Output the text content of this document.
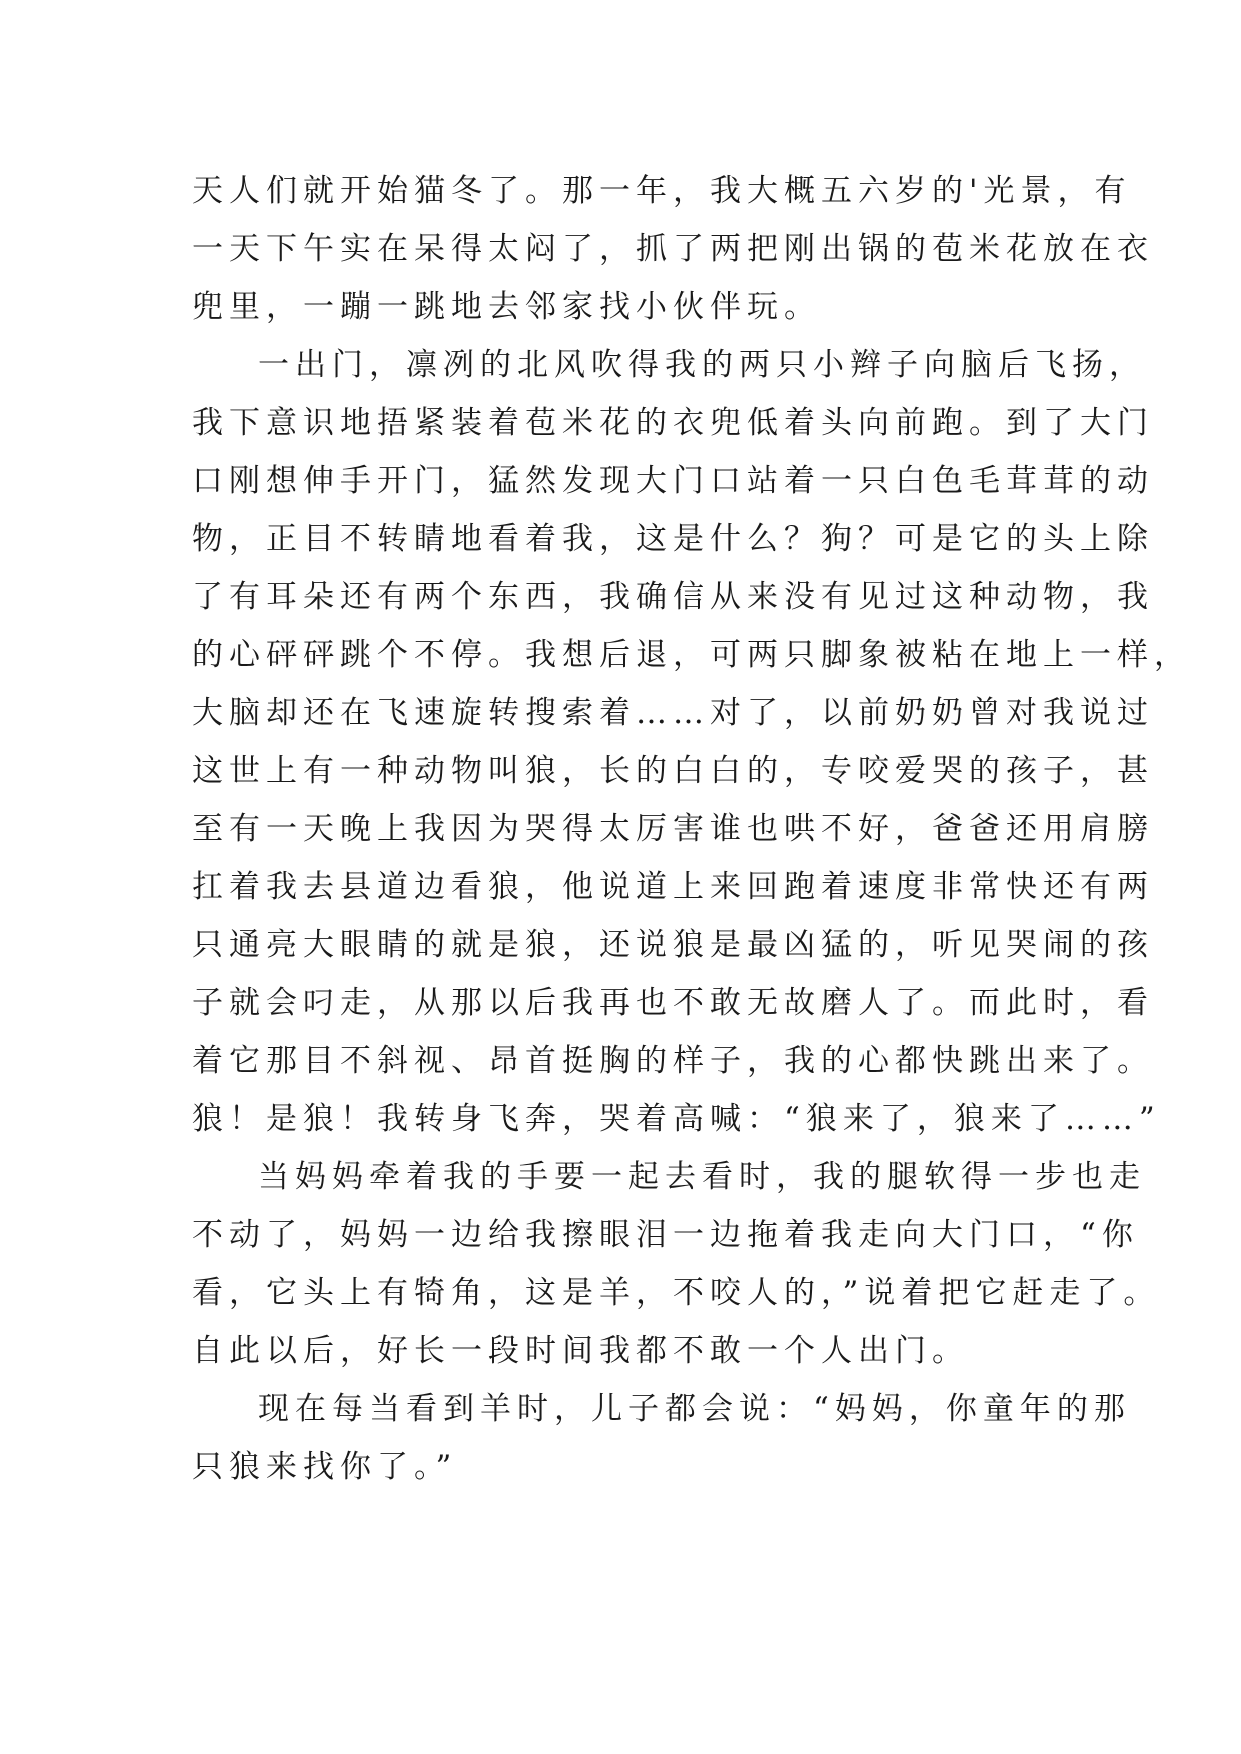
天人们就开始猫冬了。那一年，我大概五六岁的'光景，有
一天下午实在呆得太闷了，抓了两把刚出锅的苞米花放在衣
兜里，一蹦一跳地去邻家找小伙伴玩。
一出门，凛冽的北风吹得我的两只小辫子向脑后飞扬，
我下意识地捂紧装着苞米花的衣兜低着头向前跑。到了大门
口刚想伸手开门，猛然发现大门口站着一只白色毛茸茸的动
物，正目不转睛地看着我，这是什么？狗？可是它的头上除
了有耳朵还有两个东西，我确信从来没有见过这种动物，我
的心砰砰跳个不停。我想后退，可两只脚象被粘在地上一样，
大脑却还在飞速旋转搜索着……对了，以前奶奶曾对我说过
这世上有一种动物叫狼，长的白白的，专咬爱哭的孩子，甚
至有一天晚上我因为哭得太厉害谁也哄不好，爸爸还用肩膀
扛着我去县道边看狼，他说道上来回跑着速度非常快还有两
只通亮大眼睛的就是狼，还说狼是最凶猛的，听见哭闹的孩
子就会叼走，从那以后我再也不敢无故磨人了。而此时，看
着它那目不斜视、昂首挺胸的样子，我的心都快跳出来了。
狼！是狼！我转身飞奔，哭着高喊：“狼来了，狼来了……”
当妈妈牵着我的手要一起去看时，我的腿软得一步也走
不动了，妈妈一边给我擦眼泪一边拖着我走向大门口，“你
看，它头上有犄角，这是羊，不咬人的，”说着把它赶走了。
自此以后，好长一段时间我都不敢一个人出门。
现在每当看到羊时，儿子都会说：“妈妈，你童年的那
只狼来找你了。”
